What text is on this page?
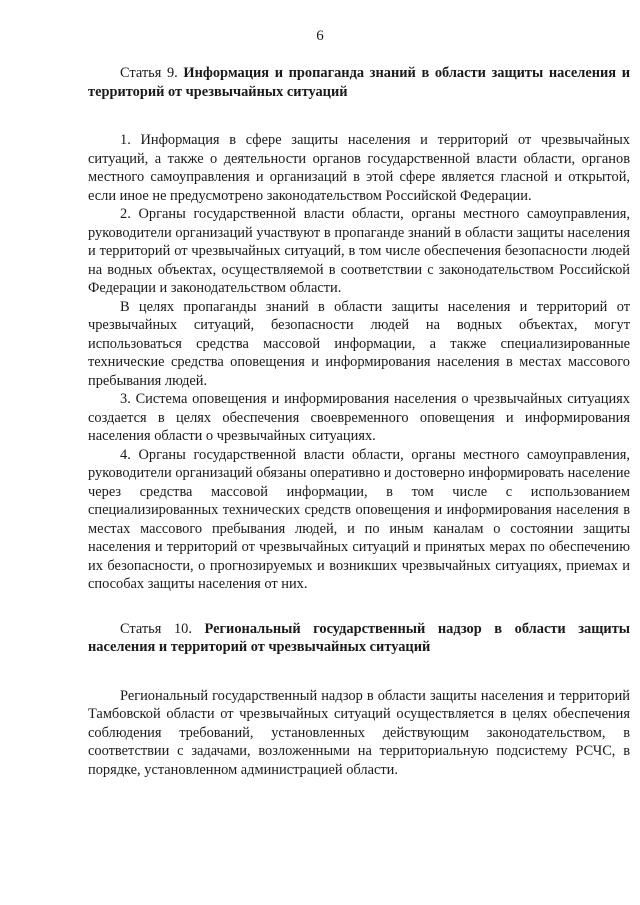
6

Статья 9. Информация и пропаганда знаний в области защиты населения и территорий от чрезвычайных ситуаций

1. Информация в сфере защиты населения и территорий от чрезвычайных ситуаций, а также о деятельности органов государственной власти области, органов местного самоуправления и организаций в этой сфере является гласной и открытой, если иное не предусмотрено законодательством Российской Федерации.

2. Органы государственной власти области, органы местного самоуправления, руководители организаций участвуют в пропаганде знаний в области защиты населения и территорий от чрезвычайных ситуаций, в том числе обеспечения безопасности людей на водных объектах, осуществляемой в соответствии с законодательством Российской Федерации и законодательством области.

В целях пропаганды знаний в области защиты населения и территорий от чрезвычайных ситуаций, безопасности людей на водных объектах, могут использоваться средства массовой информации, а также специализированные технические средства оповещения и информирования населения в местах массового пребывания людей.

3. Система оповещения и информирования населения о чрезвычайных ситуациях создается в целях обеспечения своевременного оповещения и информирования населения области о чрезвычайных ситуациях.

4. Органы государственной власти области, органы местного самоуправления, руководители организаций обязаны оперативно и достоверно информировать население через средства массовой информации, в том числе с использованием специализированных технических средств оповещения и информирования населения в местах массового пребывания людей, и по иным каналам о состоянии защиты населения и территорий от чрезвычайных ситуаций и принятых мерах по обеспечению их безопасности, о прогнозируемых и возникших чрезвычайных ситуациях, приемах и способах защиты населения от них.

Статья 10. Региональный государственный надзор в области защиты населения и территорий от чрезвычайных ситуаций

Региональный государственный надзор в области защиты населения и территорий Тамбовской области от чрезвычайных ситуаций осуществляется в целях обеспечения соблюдения требований, установленных действующим законодательством, в соответствии с задачами, возложенными на территориальную подсистему РСЧС, в порядке, установленном администрацией области.
